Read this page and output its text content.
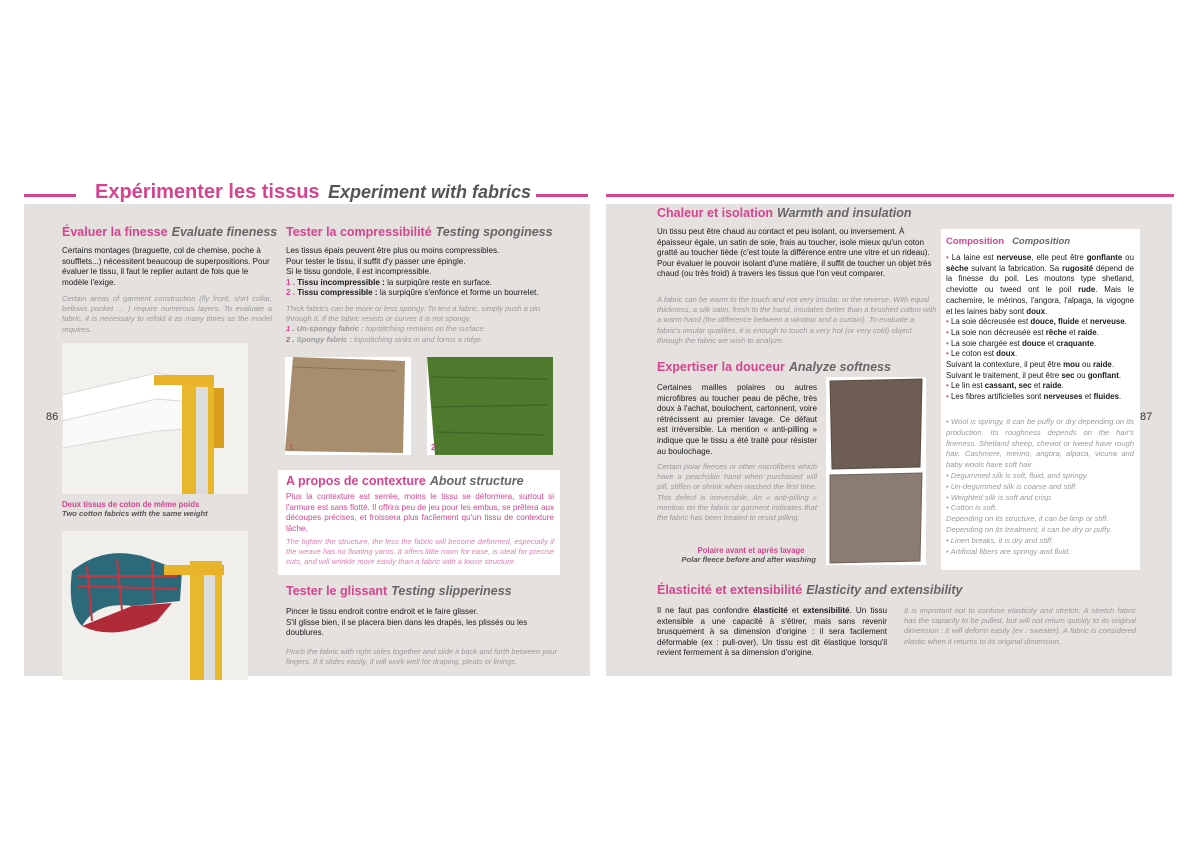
Expérimenter les tissus Experiment with fabrics
86
Évaluer la finesse Evaluate fineness

Certains montages (braguette, col de chemise, poche à soufflets...) nécessitent beaucoup de superpositions. Pour évaluer le tissu, il faut le replier autant de fois que le modèle l'exige.

Certain areas of garment construction (fly front, shirt collar, bellows pocket … ) require numerous layers. To evaluate a fabric, it is necessary to refold it as many times as the model requires.

Deux tissus de coton de même poids
Two cotton fabrics with the same weight
Tester la compressibilité Testing sponginess

Les tissus épais peuvent être plus ou moins compressibles.

Pour tester le tissu, il suffit d'y passer une épingle.

Si le tissu gondole, il est incompressible.

1 . Tissu incompressible : la surpiqûre reste en surface.

2 . Tissu compressible : la surpiqûre s'enfonce et forme un bourrelet.

Thick fabrics can be more or less spongy. To test a fabric, simply push a pin through it. If the fabric resists or curves it is not spongy.

1 . Un-spongy fabric : topstitching remains on the surface.

2 . Spongy fabric : topstitching sinks in and forms a ridge.

1 .	2 .
A propos de contexture About structure

Plus la contexture est serrée, moins le tissu se déformera, surtout si l'armure est sans flotté. Il offrira peu de jeu pour les embus, se prêtera aux découpes précises, et froissera plus facilement qu'un tissu de contexture lâche.

The tighter the structure, the less the fabric will become deformed, especially if the weave has no floating yarns. It offers little room for ease, is ideal for precise cuts, and will wrinkle more easily than a fabric with a loose structure.

Tester le glissant Testing slipperiness

Pincer le tissu endroit contre endroit et le faire glisser.

S'il glisse bien, il se placera bien dans les drapés, les plissés ou les doublures.

Pinch the fabric with right sides together and slide it back and forth between your fingers. If it slides easily, it will work well for draping, pleats or linings.

87
Chaleur et isolation Warmth and insulation

Un tissu peut être chaud au contact et peu isolant, ou inversement. À épaisseur égale, un satin de soie, frais au toucher, isole mieux qu'un coton gratté au toucher tiède (c'est toute la différence entre une vitre et un rideau). Pour évaluer le pouvoir isolant d'une matière, il suffit de toucher un objet très chaud (ou très froid) à travers les tissus que l'on veut comparer.

A fabric can be warm to the touch and not very insular, or the reverse. With equal thickness, a silk satin, fresh to the hand, insulates better than a brushed cotton with a warm hand (the difference between a window and a curtain). To evaluate a fabric's insular qualities, it is enough to touch a very hot (or very cold) object through the fabric we wish to analyze.

Expertiser la douceur Analyze softness

Certaines mailles polaires ou autres microfibres au toucher peau de pêche, très doux à l'achat, boulochent, cartonnent, voire rétrécissent au premier lavage. Ce défaut est irréversible. La mention « anti-pilling » indique que le tissu a été traité pour résister au boulochage.

Certain polar fleeces or other microfibers which have a peachskin hand when purchased will pill, stiffen or shrink when washed the first time. This defect is irreversible. An « anti-pilling » mention on the fabric or garment indicates that the fabric has been treated to resist pilling.

Polaire avant et après lavage
Polar fleece before and after washing
Composition Composition

• La laine est nerveuse, elle peut être gonflante ou sèche suivant la fabrication. Sa rugosité dépend de la finesse du poil. Les moutons type shetland, cheviotte ou tweed ont le poil rude. Mais le cachemire, le mérinos, l'angora, l'alpaga, la vigogne et les laines baby sont doux.

• La soie décreusée est douce, fluide et nerveuse.

• La soie non décreusée est rêche et raide.

• La soie chargée est douce et craquante.

• Le coton est doux.

Suivant la contexture, il peut être mou ou raide.

Suivant le traitement, il peut être sec ou gonflant.

• Le lin est cassant, sec et raide.

• Les fibres artificielles sont nerveuses et fluides.

• Wool is springy, it can be puffy or dry depending on its production. Its roughness depends on the hair's fineness. Shetland sheep, cheviot or tweed have rough hair. Cashmere, merino, angora, alpaca, vicuna and baby wools have soft hair.

• Degummed silk is soft, fluid, and springy.

• Un-degummed silk is coarse and stiff.

• Weighted silk is soft and crisp.

• Cotton is soft.

Depending on its structure, it can be limp or stiff.

Depending on its treatment, it can be dry or puffy.

• Linen breaks, it is dry and stiff.

• Artificial fibers are springy and fluid.

Élasticité et extensibilité Elasticity and extensibility

Il ne faut pas confondre élasticité et extensibilité. Un tissu extensible a une capacité à s'étirer, mais sans revenir brusquement à sa dimension d'origine : il sera facilement déformable (ex : pull-over). Un tissu est dit élastique lorsqu'il revient fermement à sa dimension d'origine.

It is important not to confuse elasticity and stretch. A stretch fabric has the capacity to be pulled, but will not return quickly to its original dimension : it will deform easily (ex : sweater). A fabric is considered elastic when it returns to its original dimension.
